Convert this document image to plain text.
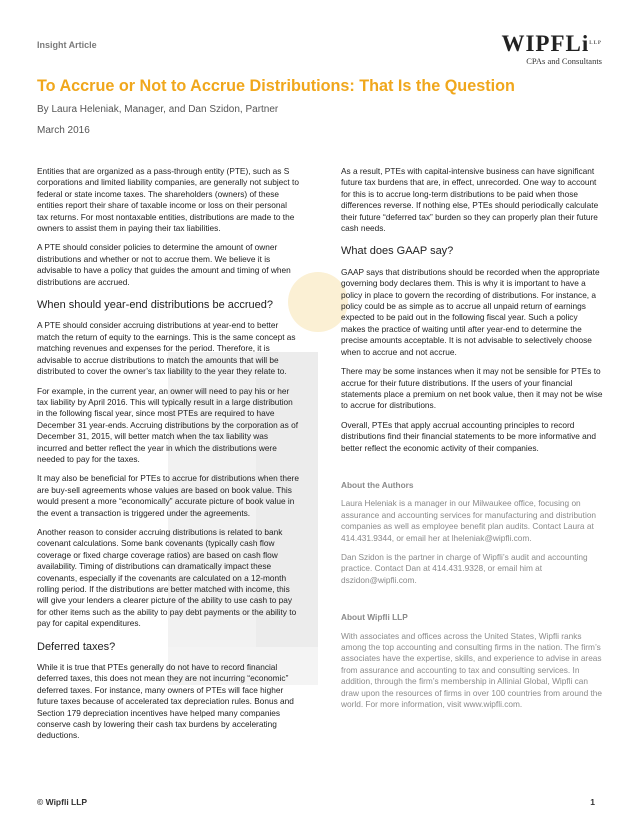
Insight Article	WIPFLiLLP
CPAs and Consultants
To Accrue or Not to Accrue Distributions: That Is the Question
By Laura Heleniak, Manager, and Dan Szidon, Partner
March 2016

Entities that are organized as a pass-through entity (PTE), such as S corporations and limited liability companies, are generally not subject to federal or state income taxes. The shareholders (owners) of these entities report their share of taxable income or loss on their personal tax returns. For most nontaxable entities, distributions are made to the owners to assist them in paying their tax liabilities.

A PTE should consider policies to determine the amount of owner distributions and whether or not to accrue them. We believe it is advisable to have a policy that guides the amount and timing of when distributions are accrued.

When should year-end distributions be accrued?

A PTE should consider accruing distributions at year-end to better match the return of equity to the earnings. This is the same concept as matching revenues and expenses for the period. Therefore, it is advisable to accrue distributions to match the amounts that will be distributed to cover the owner’s tax liability to the year they relate to.

For example, in the current year, an owner will need to pay his or her tax liability by April 2016. This will typically result in a large distribution in the following fiscal year, since most PTEs are required to have December 31 year-ends. Accruing distributions by the corporation as of December 31, 2015, will better match when the tax liability was incurred and better reflect the year in which the distributions were needed to pay for the taxes.

It may also be beneficial for PTEs to accrue for distributions when there are buy-sell agreements whose values are based on book value. This would present a more “economically” accurate picture of book value in the event a transaction is triggered under the agreements.

Another reason to consider accruing distributions is related to bank covenant calculations. Some bank covenants (typically cash flow coverage or fixed charge coverage ratios) are based on cash flow availability. Timing of distributions can dramatically impact these covenants, especially if the covenants are calculated on a 12-month rolling period. If the distributions are better matched with income, this will give your lenders a clearer picture of the ability to use cash to pay for other items such as the ability to pay debt payments or the ability to pay for capital expenditures.

Deferred taxes?

While it is true that PTEs generally do not have to record financial deferred taxes, this does not mean they are not incurring “economic” deferred taxes. For instance, many owners of PTEs will face higher future taxes because of accelerated tax depreciation rules. Bonus and Section 179 depreciation incentives have helped many companies conserve cash by lowering their cash tax burdens by accelerating deductions.

As a result, PTEs with capital-intensive business can have significant future tax burdens that are, in effect, unrecorded. One way to account for this is to accrue long-term distributions to be paid when those differences reverse. If nothing else, PTEs should periodically calculate their future “deferred tax” burden so they can properly plan their future cash needs.

What does GAAP say?

GAAP says that distributions should be recorded when the appropriate governing body declares them. This is why it is important to have a policy in place to govern the recording of distributions. For instance, a policy could be as simple as to accrue all unpaid return of earnings expected to be paid out in the following fiscal year. Such a policy makes the practice of waiting until after year-end to determine the precise amounts acceptable. It is not advisable to selectively choose when to accrue and not accrue.

There may be some instances when it may not be sensible for PTEs to accrue for their future distributions. If the users of your financial statements place a premium on net book value, then it may not be wise to accrue for distributions.

Overall, PTEs that apply accrual accounting principles to record distributions find their financial statements to be more informative and better reflect the economic activity of their companies.

About the Authors

Laura Heleniak is a manager in our Milwaukee office, focusing on assurance and accounting services for manufacturing and distribution companies as well as employee benefit plan audits. Contact Laura at 414.431.9344, or email her at lheleniak@wipfli.com.

Dan Szidon is the partner in charge of Wipfli’s audit and accounting practice. Contact Dan at 414.431.9328, or email him at dszidon@wipfli.com.

About Wipfli LLP

With associates and offices across the United States, Wipfli ranks among the top accounting and consulting firms in the nation. The firm’s associates have the expertise, skills, and experience to advise in areas from assurance and accounting to tax and consulting services. In addition, through the firm’s membership in Allinial Global, Wipfli can draw upon the resources of firms in over 100 countries from around the world. For more information, visit www.wipfli.com.

© Wipfli LLP	1
